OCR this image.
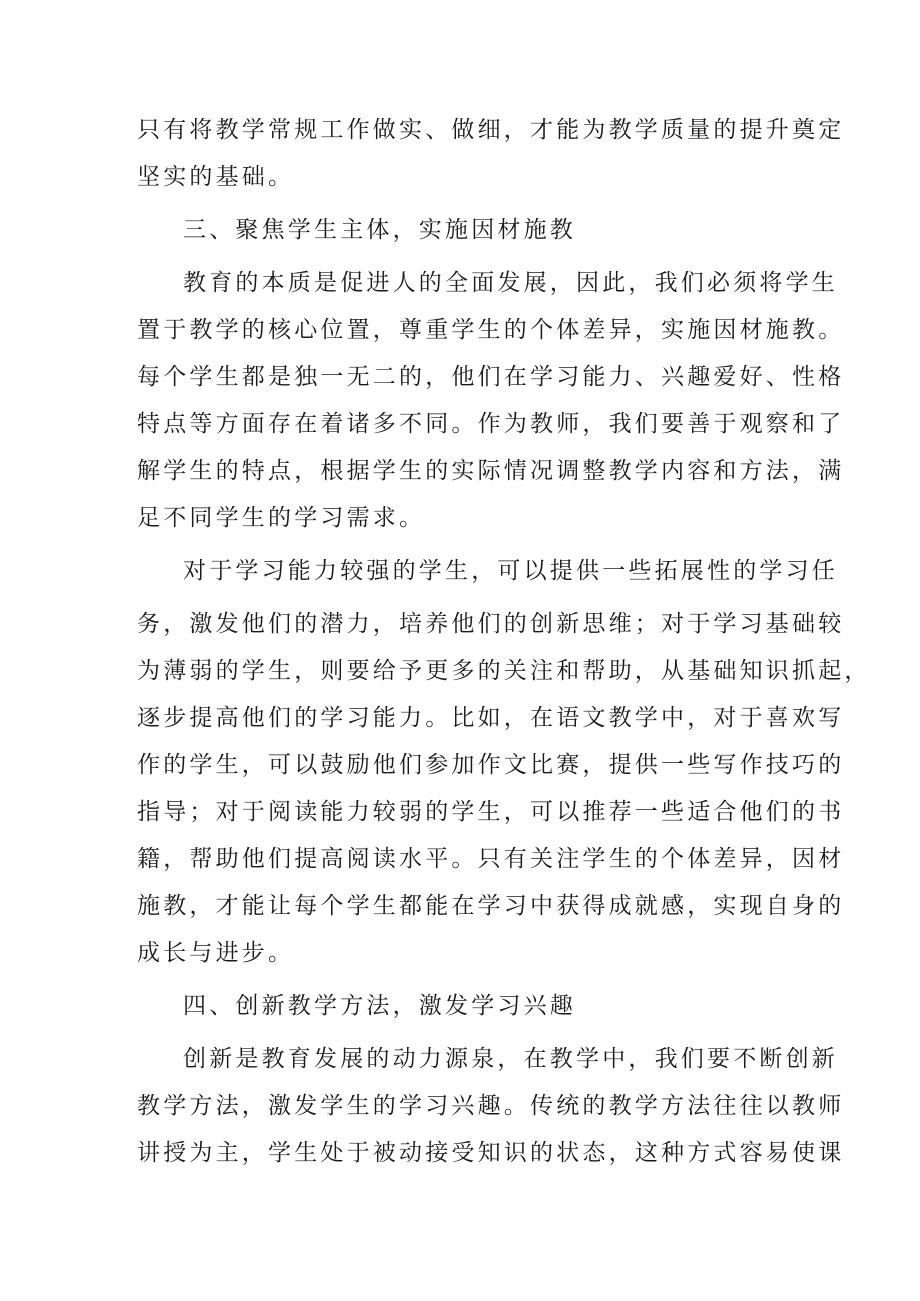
只有将教学常规工作做实、做细，才能为教学质量的提升奠定
坚实的基础。
三、聚焦学生主体，实施因材施教
教育的本质是促进人的全面发展，因此，我们必须将学生
置于教学的核心位置，尊重学生的个体差异，实施因材施教。
每个学生都是独一无二的，他们在学习能力、兴趣爱好、性格
特点等方面存在着诸多不同。作为教师，我们要善于观察和了
解学生的特点，根据学生的实际情况调整教学内容和方法，满
足不同学生的学习需求。
对于学习能力较强的学生，可以提供一些拓展性的学习任
务，激发他们的潜力，培养他们的创新思维；对于学习基础较
为薄弱的学生，则要给予更多的关注和帮助，从基础知识抓起，
逐步提高他们的学习能力。比如，在语文教学中，对于喜欢写
作的学生，可以鼓励他们参加作文比赛，提供一些写作技巧的
指导；对于阅读能力较弱的学生，可以推荐一些适合他们的书
籍，帮助他们提高阅读水平。只有关注学生的个体差异，因材
施教，才能让每个学生都能在学习中获得成就感，实现自身的
成长与进步。
四、创新教学方法，激发学习兴趣
创新是教育发展的动力源泉，在教学中，我们要不断创新
教学方法，激发学生的学习兴趣。传统的教学方法往往以教师
讲授为主，学生处于被动接受知识的状态，这种方式容易使课
